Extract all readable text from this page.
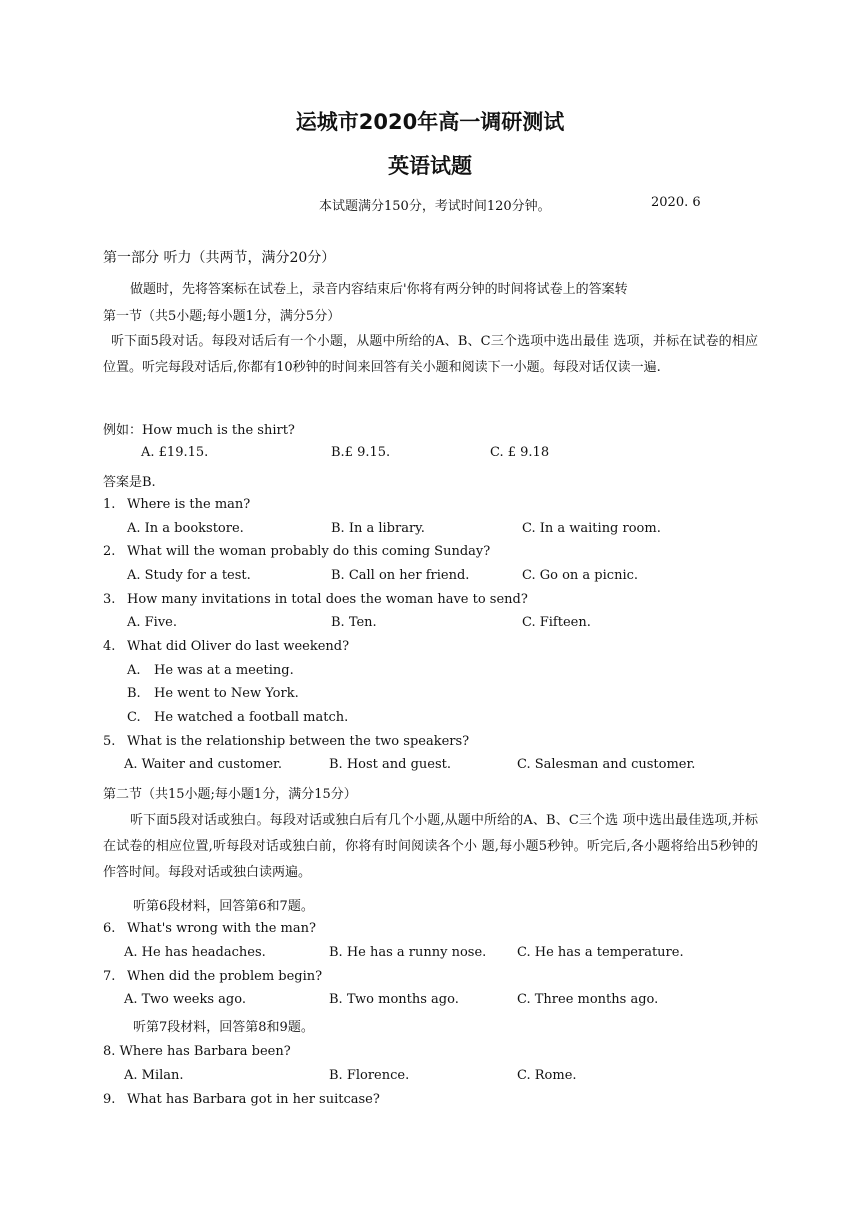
运城市2020年高一调研测试
英语试题
本试题满分150分，考试时间120分钟。	2020. 6
第一部分 听力（共两节，满分20分）
做题时，先将答案标在试卷上，录音内容结束后'你将有两分钟的时间将试卷上的答案转
第一节（共5小题;每小题1分，满分5分）
听下面5段对话。每段对话后有一个小题，从题中所给的A、B、C三个选项中选出最佳 选项，并标在试卷的相应位置。听完每段对话后,你都有10秒钟的时间来回答有关小题和阅读下一小题。每段对话仅读一遍.
例如：How much is the shirt?
A. £19.15.	B.£ 9.15.	C. £ 9.18
答案是B.
1. Where is the man?
A. In a bookstore.	B. In a library.	C. In a waiting room.
2. What will the woman probably do this coming Sunday?
A. Study for a test.	B. Call on her friend.	C. Go on a picnic.
3. How many invitations in total does the woman have to send?
A. Five.	B. Ten.	C. Fifteen.
4. What did Oliver do last weekend?
A. He was at a meeting.
B. He went to New York.
C. He watched a football match.
5. What is the relationship between the two speakers?
A. Waiter and customer.	B. Host and guest.	C. Salesman and customer.
第二节（共15小题;每小题1分，满分15分）
听下面5段对话或独白。每段对话或独白后有几个小题,从题中所给的A、B、C三个选 项中选出最佳选项,并标在试卷的相应位置,听每段对话或独白前，你将有时间阅读各个小 题,每小题5秒钟。听完后,各小题将给出5秒钟的作答时间。每段对话或独白读两遍。
听第6段材料，回答第6和7题。
6. What's wrong with the man?
A. He has headaches.	B. He has a runny nose. C. He has a temperature.
7. When did the problem begin?
A. Two weeks ago.	B. Two months ago.	C. Three months ago.
听第7段材料，回答第8和9题。
8. Where has Barbara been?
A. Milan.	B. Florence.	C. Rome.
9. What has Barbara got in her suitcase?
